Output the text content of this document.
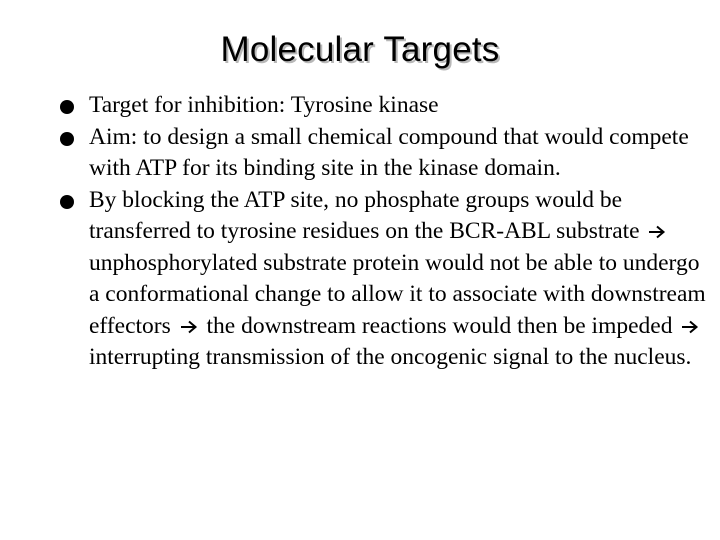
Molecular Targets
Target for inhibition: Tyrosine kinase
Aim: to design a small chemical compound that would compete with ATP for its binding site in the kinase domain.
By blocking the ATP site, no phosphate groups would be transferred to tyrosine residues on the BCR-ABL substrate  unphosphorylated substrate protein would not be able to undergo a conformational change to allow it to associate with downstream effectors the downstream reactions would then be impeded  interrupting transmission of the oncogenic signal to the nucleus.
